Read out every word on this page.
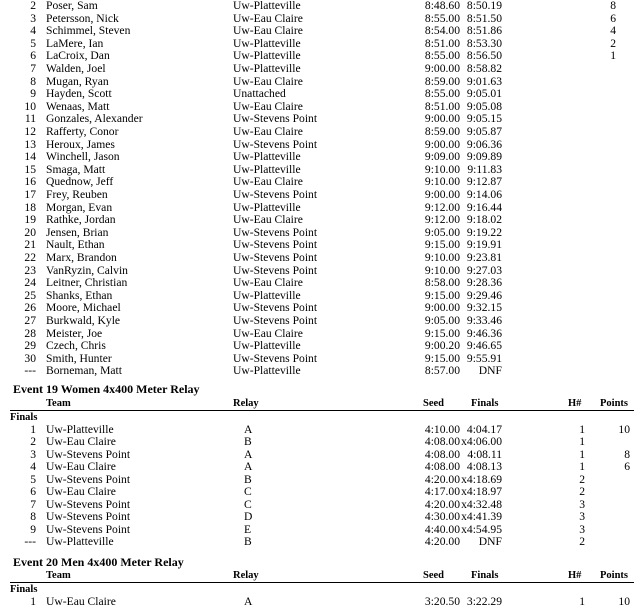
2 Poser, Sam	Uw-Platteville	8:48.60 8:50.19	8
3 Petersson, Nick	Uw-Eau Claire	8:55.00 8:51.50	6
4 Schimmel, Steven	Uw-Eau Claire	8:54.00 8:51.86	4
5 LaMere, Ian	Uw-Platteville	8:51.00 8:53.30	2
6 LaCroix, Dan	Uw-Platteville	8:55.00 8:56.50	1
7 Walden, Joel	Uw-Platteville	9:00.00 8:58.82
8 Mugan, Ryan	Uw-Eau Claire	8:59.00 9:01.63
9 Hayden, Scott	Unattached	8:55.00 9:05.01
10 Wenaas, Matt	Uw-Eau Claire	8:51.00 9:05.08
11 Gonzales, Alexander	Uw-Stevens Point	9:00.00 9:05.15
12 Rafferty, Conor	Uw-Eau Claire	8:59.00 9:05.87
13 Heroux, James	Uw-Stevens Point	9:00.00 9:06.36
14 Winchell, Jason	Uw-Platteville	9:09.00 9:09.89
15 Smaga, Matt	Uw-Platteville	9:10.00 9:11.83
16 Quednow, Jeff	Uw-Eau Claire	9:10.00 9:12.87
17 Frey, Reuben	Uw-Stevens Point	9:00.00 9:14.06
18 Morgan, Evan	Uw-Platteville	9:12.00 9:16.44
19 Rathke, Jordan	Uw-Eau Claire	9:12.00 9:18.02
20 Jensen, Brian	Uw-Stevens Point	9:05.00 9:19.22
21 Nault, Ethan	Uw-Stevens Point	9:15.00 9:19.91
22 Marx, Brandon	Uw-Stevens Point	9:10.00 9:23.81
23 VanRyzin, Calvin	Uw-Stevens Point	9:10.00 9:27.03
24 Leitner, Christian	Uw-Eau Claire	8:58.00 9:28.36
25 Shanks, Ethan	Uw-Platteville	9:15.00 9:29.46
26 Moore, Michael	Uw-Stevens Point	9:00.00 9:32.15
27 Burkwald, Kyle	Uw-Stevens Point	9:05.00 9:33.46
28 Meister, Joe	Uw-Eau Claire	9:15.00 9:46.36
29 Czech, Chris	Uw-Platteville	9:00.20 9:46.65
30 Smith, Hunter	Uw-Stevens Point	9:15.00 9:55.91
--- Borneman, Matt	Uw-Platteville	8:57.00	DNF
Event 19 Women 4x400 Meter Relay
Team	Relay	Seed	Finals	H# Points
Finals
1 Uw-Platteville	A	4:10.00 4:04.17	1	10
2 Uw-Eau Claire	B	4:08.00 x4:06.00	1
3 Uw-Stevens Point	A	4:08.00 4:08.11	1	8
4 Uw-Eau Claire	A	4:08.00 4:08.13	1	6
5 Uw-Stevens Point	B	4:20.00 x4:18.69	2
6 Uw-Eau Claire	C	4:17.00 x4:18.97	2
7 Uw-Stevens Point	C	4:20.00 x4:32.48	3
8 Uw-Stevens Point	D	4:30.00 x4:41.39	3
9 Uw-Stevens Point	E	4:40.00 x4:54.95	3
--- Uw-Platteville	B	4:20.00	DNF	2
Event 20 Men 4x400 Meter Relay
Team	Relay	Seed	Finals	H# Points
Finals
1 Uw-Eau Claire	A	3:20.50 3:22.29	1	10
